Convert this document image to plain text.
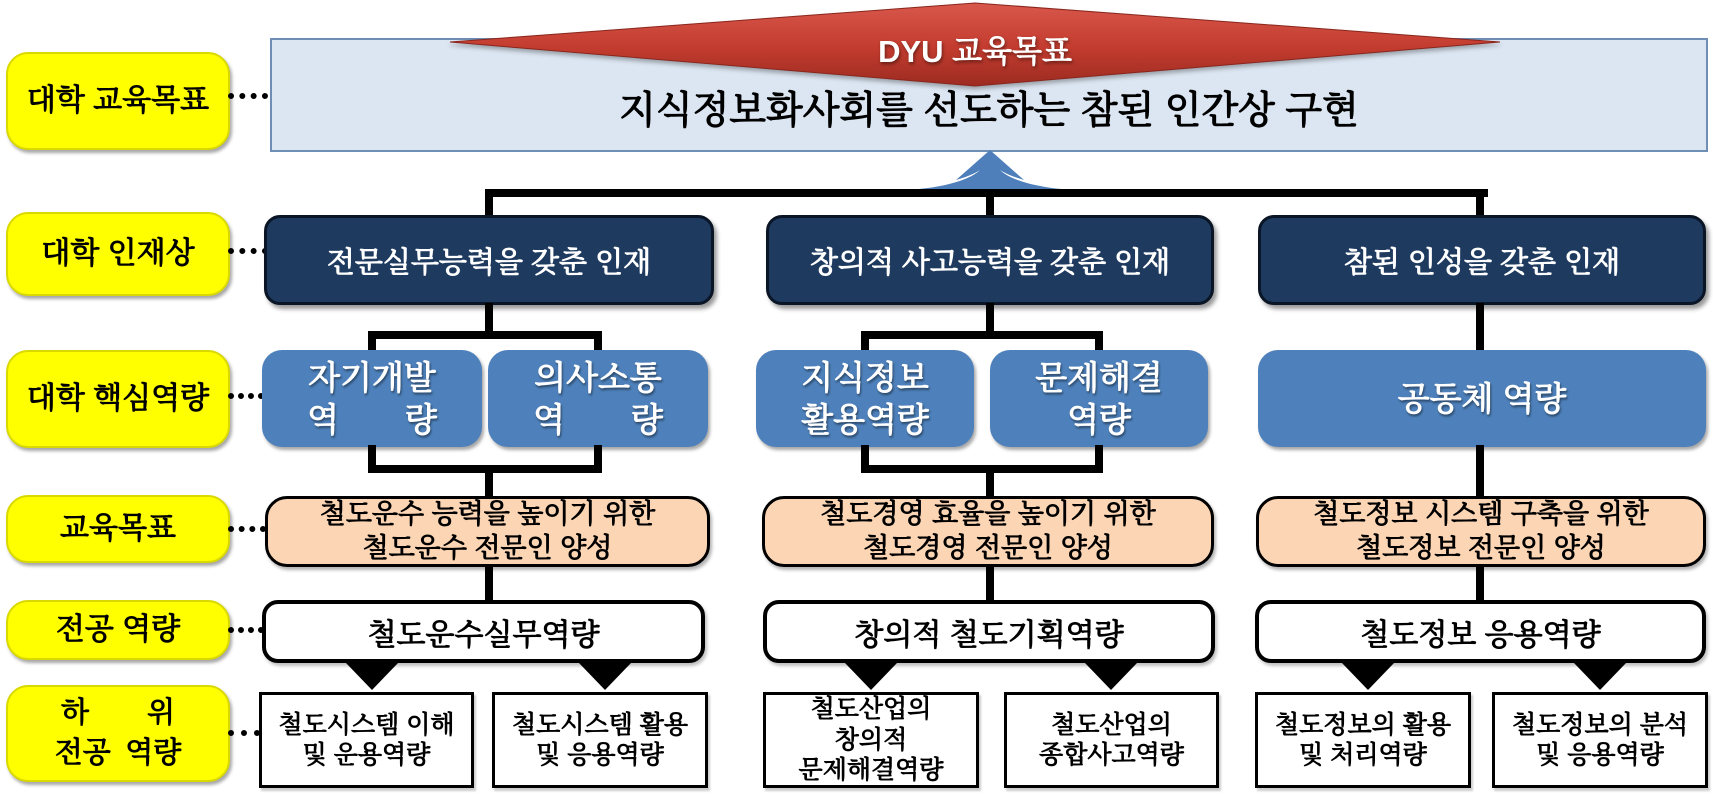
지식정보화사회를 선도하는 참된 인간상 구현
DYU 교육목표
대학 교육목표
대학 인재상
대학 핵심역량
교육목표
전공 역량
하  위
전공 역량
전문실무능력을 갖춘 인재	창의적 사고능력을 갖춘 인재	참된 인성을 갖춘 인재
자기개발
역  량
의사소통
역  량
지식정보
활용역량
문제해결
역량
공동체 역량
철도운수 능력을 높이기 위한
철도운수 전문인 양성
철도경영 효율을 높이기 위한
철도경영 전문인 양성
철도정보 시스템 구축을 위한
철도정보 전문인 양성
철도운수실무역량	창의적 철도기획역량	철도정보 응용역량
철도시스템 이해
및 운용역량
철도시스템 활용
및 응용역량
철도산업의
창의적
문제해결역량
철도산업의
종합사고역량
철도정보의 활용
및 처리역량
철도정보의 분석
및 응용역량
